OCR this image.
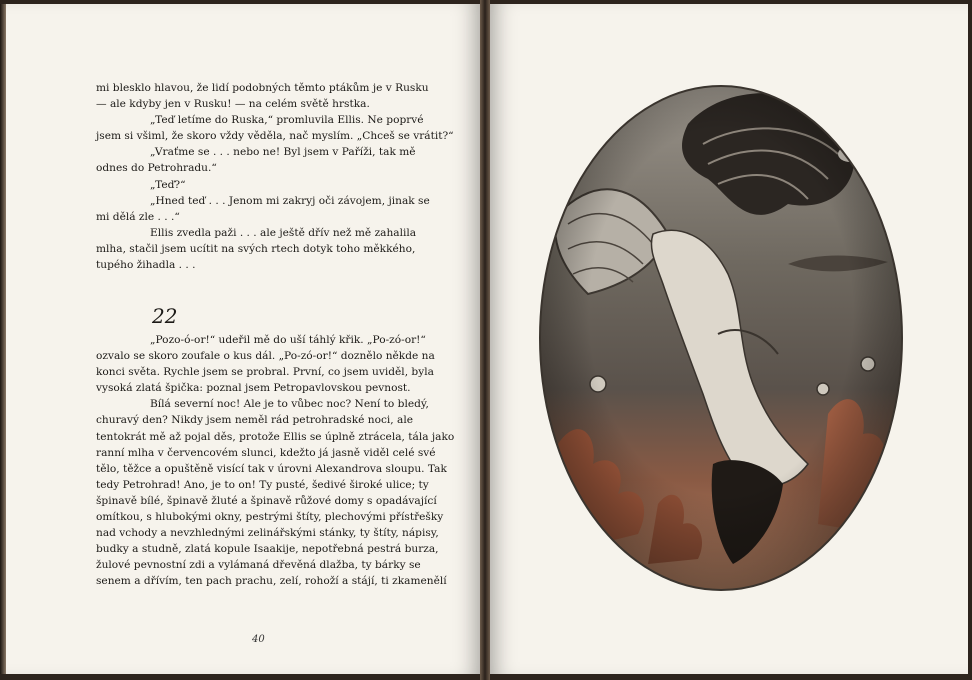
mi blesklo hlavou, že lidí podobných těmto ptákům je v Rusku
— ale kdyby jen v Rusku! — na celém světě hrstka.
„Teď letíme do Ruska,“ promluvila Ellis. Ne poprvé
jsem si všiml, že skoro vždy věděla, nač myslím. „Chceš se vrátit?“
„Vraťme se . . . nebo ne! Byl jsem v Paříži, tak mě
odnes do Petrohradu.“
„Teď?“
„Hned teď . . . Jenom mi zakryj oči závojem, jinak se
mi dělá zle . . .“
Ellis zvedla paži . . . ale ještě dřív než mě zahalila
mlha, stačil jsem ucítit na svých rtech dotyk toho měkkého,
tupého žihadla . . .
22
„Pozo-ó-or!“ udeřil mě do uší táhlý křik. „Po-zó-or!“
ozvalo se skoro zoufale o kus dál. „Po-zó-or!“ doznělo někde na
konci světa. Rychle jsem se probral. První, co jsem uviděl, byla
vysoká zlatá špička: poznal jsem Petropavlovskou pevnost.
Bílá severní noc! Ale je to vůbec noc? Není to bledý,
churavý den? Nikdy jsem neměl rád petrohradské noci, ale
tentokrát mě až pojal děs, protože Ellis se úplně ztrácela, tála jako
ranní mlha v červencovém slunci, kdežto já jasně viděl celé své
tělo, těžce a opuštěně visící tak v úrovni Alexandrova sloupu. Tak
tedy Petrohrad! Ano, je to on! Ty pusté, šedivé široké ulice; ty
špinavě bílé, špinavě žluté a špinavě růžové domy s opadávající
omítkou, s hlubokými okny, pestrými štíty, plechovými přístřešky
nad vchody a nevzhlednými zelinářskými stánky, ty štíty, nápisy,
budky a studně, zlatá kopule Isaakije, nepotřebná pestrá burza,
žulové pevnostní zdi a vylámaná dřevěná dlažba, ty bárky se
senem a dřívím, ten pach prachu, zelí, rohoží a stájí, ti zkamenělí
40
